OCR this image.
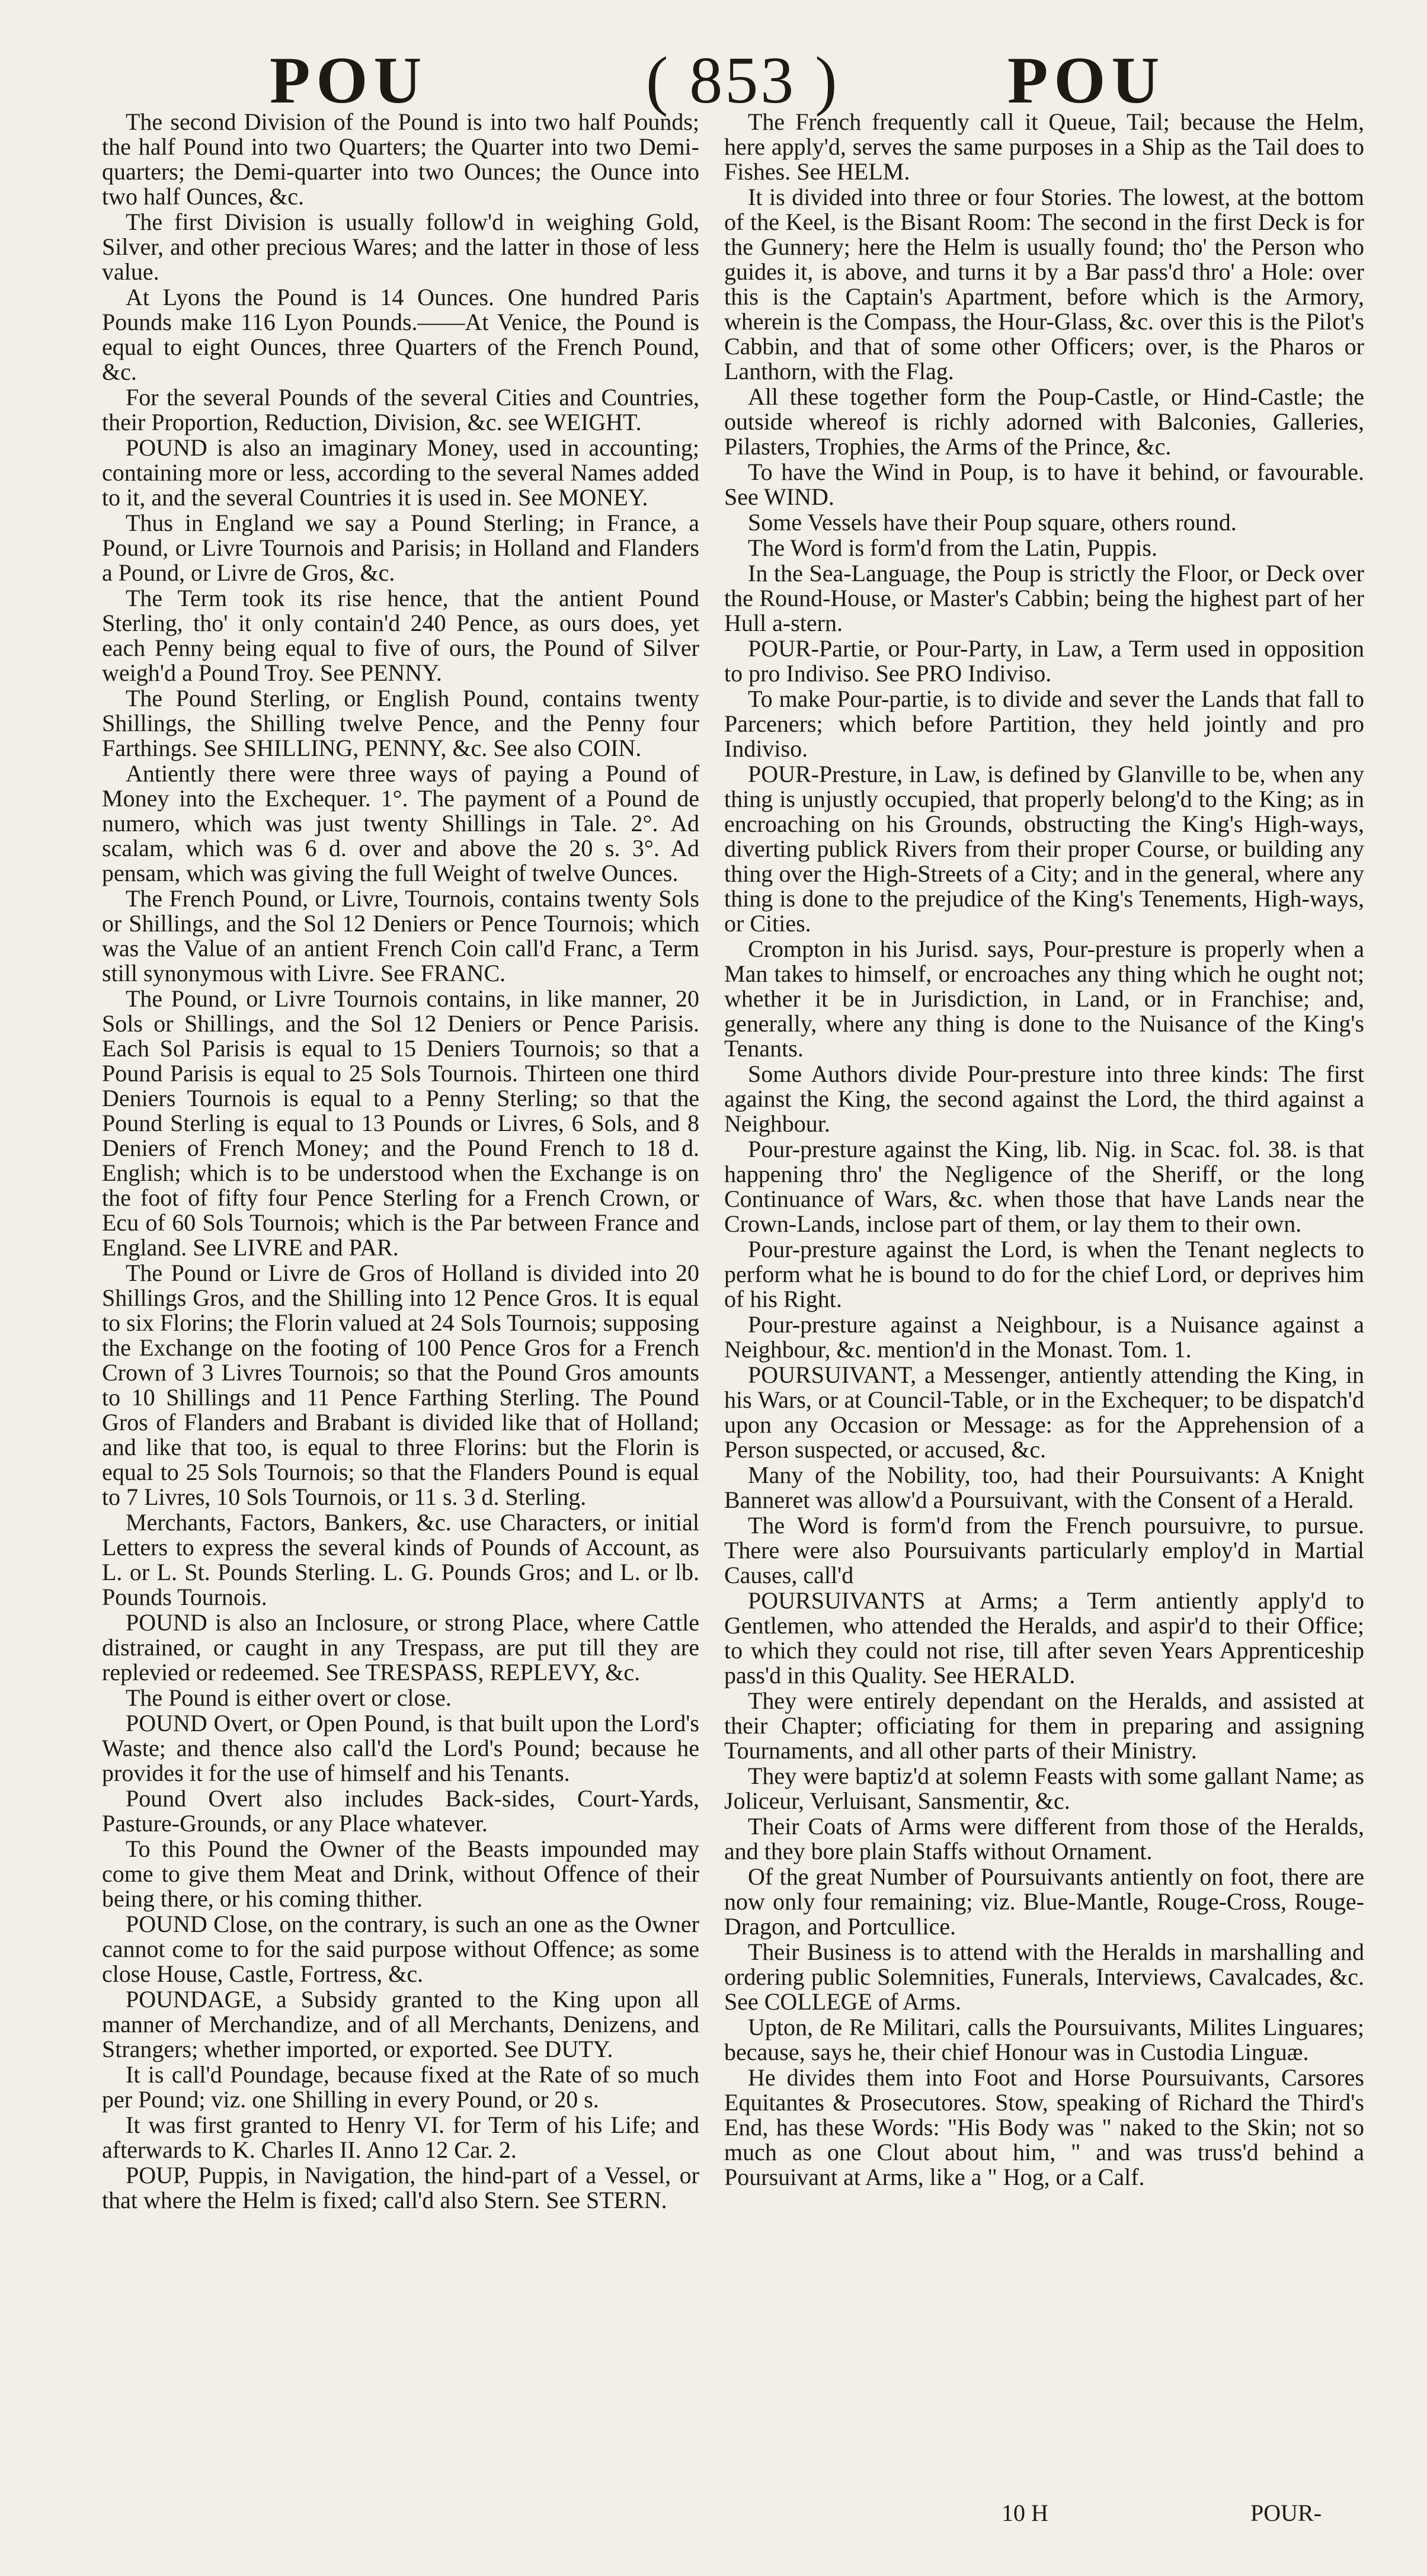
POU	( 853 )	POU

The second Division of the Pound is into two half Pounds; the half Pound into two Quarters; the Quarter into two Demi-quarters; the Demi-quarter into two Ounces; the Ounce into two half Ounces, &c.

The first Division is usually follow'd in weighing Gold, Silver, and other precious Wares; and the latter in those of less value.

At Lyons the Pound is 14 Ounces. One hundred Paris Pounds make 116 Lyon Pounds.——At Venice, the Pound is equal to eight Ounces, three Quarters of the French Pound, &c.

For the several Pounds of the several Cities and Countries, their Proportion, Reduction, Division, &c. see WEIGHT.

POUND is also an imaginary Money, used in accounting; containing more or less, according to the several Names added to it, and the several Countries it is used in. See MONEY.

Thus in England we say a Pound Sterling; in France, a Pound, or Livre Tournois and Parisis; in Holland and Flanders a Pound, or Livre de Gros, &c.

The Term took its rise hence, that the antient Pound Sterling, tho' it only contain'd 240 Pence, as ours does, yet each Penny being equal to five of ours, the Pound of Silver weigh'd a Pound Troy. See PENNY.

The Pound Sterling, or English Pound, contains twenty Shillings, the Shilling twelve Pence, and the Penny four Farthings. See SHILLING, PENNY, &c. See also COIN.

Antiently there were three ways of paying a Pound of Money into the Exchequer. 1°. The payment of a Pound de numero, which was just twenty Shillings in Tale. 2°. Ad scalam, which was 6 d. over and above the 20 s. 3°. Ad pensam, which was giving the full Weight of twelve Ounces.

The French Pound, or Livre, Tournois, contains twenty Sols or Shillings, and the Sol 12 Deniers or Pence Tournois; which was the Value of an antient French Coin call'd Franc, a Term still synonymous with Livre. See FRANC.

The Pound, or Livre Tournois contains, in like manner, 20 Sols or Shillings, and the Sol 12 Deniers or Pence Parisis. Each Sol Parisis is equal to 15 Deniers Tournois; so that a Pound Parisis is equal to 25 Sols Tournois. Thirteen one third Deniers Tournois is equal to a Penny Sterling; so that the Pound Sterling is equal to 13 Pounds or Livres, 6 Sols, and 8 Deniers of French Money; and the Pound French to 18 d. English; which is to be understood when the Exchange is on the foot of fifty four Pence Sterling for a French Crown, or Ecu of 60 Sols Tournois; which is the Par between France and England. See LIVRE and PAR.

The Pound or Livre de Gros of Holland is divided into 20 Shillings Gros, and the Shilling into 12 Pence Gros. It is equal to six Florins; the Florin valued at 24 Sols Tournois; supposing the Exchange on the footing of 100 Pence Gros for a French Crown of 3 Livres Tournois; so that the Pound Gros amounts to 10 Shillings and 11 Pence Farthing Sterling. The Pound Gros of Flanders and Brabant is divided like that of Holland; and like that too, is equal to three Florins: but the Florin is equal to 25 Sols Tournois; so that the Flanders Pound is equal to 7 Livres, 10 Sols Tournois, or 11 s. 3 d. Sterling.

Merchants, Factors, Bankers, &c. use Characters, or initial Letters to express the several kinds of Pounds of Account, as L. or L. St. Pounds Sterling. L. G. Pounds Gros; and L. or lb. Pounds Tournois.

POUND is also an Inclosure, or strong Place, where Cattle distrained, or caught in any Trespass, are put till they are replevied or redeemed. See TRESPASS, REPLEVY, &c.

The Pound is either overt or close.

POUND Overt, or Open Pound, is that built upon the Lord's Waste; and thence also call'd the Lord's Pound; because he provides it for the use of himself and his Tenants.

Pound Overt also includes Back-sides, Court-Yards, Pasture-Grounds, or any Place whatever.

To this Pound the Owner of the Beasts impounded may come to give them Meat and Drink, without Offence of their being there, or his coming thither.

POUND Close, on the contrary, is such an one as the Owner cannot come to for the said purpose without Offence; as some close House, Castle, Fortress, &c.

POUNDAGE, a Subsidy granted to the King upon all manner of Merchandize, and of all Merchants, Denizens, and Strangers; whether imported, or exported. See DUTY.

It is call'd Poundage, because fixed at the Rate of so much per Pound; viz. one Shilling in every Pound, or 20 s.

It was first granted to Henry VI. for Term of his Life; and afterwards to K. Charles II. Anno 12 Car. 2.

POUP, Puppis, in Navigation, the hind-part of a Vessel, or that where the Helm is fixed; call'd also Stern. See STERN.

The French frequently call it Queue, Tail; because the Helm, here apply'd, serves the same purposes in a Ship as the Tail does to Fishes. See HELM.

It is divided into three or four Stories. The lowest, at the bottom of the Keel, is the Bisant Room: The second in the first Deck is for the Gunnery; here the Helm is usually found; tho' the Person who guides it, is above, and turns it by a Bar pass'd thro' a Hole: over this is the Captain's Apartment, before which is the Armory, wherein is the Compass, the Hour-Glass, &c. over this is the Pilot's Cabbin, and that of some other Officers; over, is the Pharos or Lanthorn, with the Flag.

All these together form the Poup-Castle, or Hind-Castle; the outside whereof is richly adorned with Balconies, Galleries, Pilasters, Trophies, the Arms of the Prince, &c.

To have the Wind in Poup, is to have it behind, or favourable. See WIND.

Some Vessels have their Poup square, others round.

The Word is form'd from the Latin, Puppis.

In the Sea-Language, the Poup is strictly the Floor, or Deck over the Round-House, or Master's Cabbin; being the highest part of her Hull a-stern.

POUR-Partie, or Pour-Party, in Law, a Term used in opposition to pro Indiviso. See PRO Indiviso.

To make Pour-partie, is to divide and sever the Lands that fall to Parceners; which before Partition, they held jointly and pro Indiviso.

POUR-Presture, in Law, is defined by Glanville to be, when any thing is unjustly occupied, that properly belong'd to the King; as in encroaching on his Grounds, obstructing the King's High-ways, diverting publick Rivers from their proper Course, or building any thing over the High-Streets of a City; and in the general, where any thing is done to the prejudice of the King's Tenements, High-ways, or Cities.

Crompton in his Jurisd. says, Pour-presture is properly when a Man takes to himself, or encroaches any thing which he ought not; whether it be in Jurisdiction, in Land, or in Franchise; and, generally, where any thing is done to the Nuisance of the King's Tenants.

Some Authors divide Pour-presture into three kinds: The first against the King, the second against the Lord, the third against a Neighbour.

Pour-presture against the King, lib. Nig. in Scac. fol. 38. is that happening thro' the Negligence of the Sheriff, or the long Continuance of Wars, &c. when those that have Lands near the Crown-Lands, inclose part of them, or lay them to their own.

Pour-presture against the Lord, is when the Tenant neglects to perform what he is bound to do for the chief Lord, or deprives him of his Right.

Pour-presture against a Neighbour, is a Nuisance against a Neighbour, &c. mention'd in the Monast. Tom. 1.

POURSUIVANT, a Messenger, antiently attending the King, in his Wars, or at Council-Table, or in the Exchequer; to be dispatch'd upon any Occasion or Message: as for the Apprehension of a Person suspected, or accused, &c.

Many of the Nobility, too, had their Poursuivants: A Knight Banneret was allow'd a Poursuivant, with the Consent of a Herald.

The Word is form'd from the French poursuivre, to pursue. There were also Poursuivants particularly employ'd in Martial Causes, call'd

POURSUIVANTS at Arms; a Term antiently apply'd to Gentlemen, who attended the Heralds, and aspir'd to their Office; to which they could not rise, till after seven Years Apprenticeship pass'd in this Quality. See HERALD.

They were entirely dependant on the Heralds, and assisted at their Chapter; officiating for them in preparing and assigning Tournaments, and all other parts of their Ministry.

They were baptiz'd at solemn Feasts with some gallant Name; as Joliceur, Verluisant, Sansmentir, &c.

Their Coats of Arms were different from those of the Heralds, and they bore plain Staffs without Ornament.

Of the great Number of Poursuivants antiently on foot, there are now only four remaining; viz. Blue-Mantle, Rouge-Cross, Rouge-Dragon, and Portcullice.

Their Business is to attend with the Heralds in marshalling and ordering public Solemnities, Funerals, Interviews, Cavalcades, &c. See COLLEGE of Arms.

Upton, de Re Militari, calls the Poursuivants, Milites Linguares; because, says he, their chief Honour was in Custodia Linguæ.

He divides them into Foot and Horse Poursuivants, Carsores Equitantes & Prosecutores. Stow, speaking of Richard the Third's End, has these Words: "His Body was " naked to the Skin; not so much as one Clout about him, " and was truss'd behind a Poursuivant at Arms, like a " Hog, or a Calf.

10 H	POUR-
